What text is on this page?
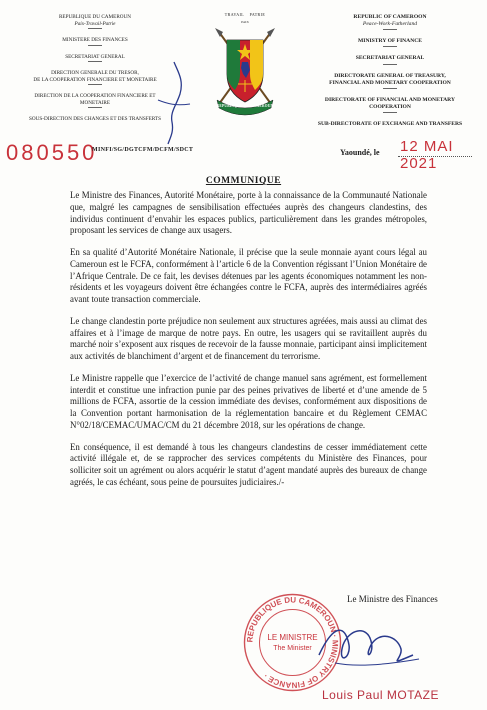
REPUBLIQUE DU CAMEROUN
Paix-Travail-Patrie
MINISTERE DES FINANCES
SECRETARIAT GENERAL
DIRECTION GENERALE DU TRESOR,
DE LA COOPERATION FINANCIERE ET MONETAIRE
DIRECTION DE LA COOPERATION FINANCIERE ET
MONETAIRE
SOUS-DIRECTION DES CHANGES ET DES TRANSFERTS
TRAVAIL PATRIE
PAIX
REPUBLIQUE DU CAMEROUN
REPUBLIC OF CAMEROON
Peace-Work-Fatherland
MINISTRY OF FINANCE
SECRETARIAT GENERAL
DIRECTORATE GENERAL OF TREASURY,
FINANCIAL AND MONETARY COOPERATION
DIRECTORATE OF FINANCIAL AND MONETARY
COOPERATION
SUB-DIRECTORATE OF EXCHANGE AND TRANSFERS
080550
MINFI/SG/DGTCFM/DCFM/SDCT	Yaoundé, le 12 MAI 2021
COMMUNIQUE

Le Ministre des Finances, Autorité Monétaire, porte à la connaissance de la Communauté Nationale que, malgré les campagnes de sensibilisation effectuées auprès des changeurs clandestins, des individus continuent d’envahir les espaces publics, particulièrement dans les grandes métropoles, proposant les services de change aux usagers.

En sa qualité d’Autorité Monétaire Nationale, il précise que la seule monnaie ayant cours légal au Cameroun est le FCFA, conformément à l’article 6 de la Convention régissant l’Union Monétaire de l’Afrique Centrale. De ce fait, les devises détenues par les agents économiques notamment les non-résidents et les voyageurs doivent être échangées contre le FCFA, auprès des intermédiaires agréés avant toute transaction commerciale.

Le change clandestin porte préjudice non seulement aux structures agréées, mais aussi au climat des affaires et à l’image de marque de notre pays. En outre, les usagers qui se ravitaillent auprès du marché noir s’exposent aux risques de recevoir de la fausse monnaie, participant ainsi implicitement aux activités de blanchiment d’argent et de financement du terrorisme.

Le Ministre rappelle que l’exercice de l’activité de change manuel sans agrément, est formellement interdit et constitue une infraction punie par des peines privatives de liberté et d’une amende de 5 millions de FCFA, assortie de la cession immédiate des devises, conformément aux dispositions de la Convention portant harmonisation de la réglementation bancaire et du Règlement CEMAC N°02/18/CEMAC/UMAC/CM du 21 décembre 2018, sur les opérations de change.

En conséquence, il est demandé à tous les changeurs clandestins de cesser immédiatement cette activité illégale et, de se rapprocher des services compétents du Ministère des Finances, pour solliciter soit un agrément ou alors acquérir le statut d’agent mandaté auprès des bureaux de change agréés, le cas échéant, sous peine de poursuites judiciaires./-

Le Ministre des Finances
REPUBLIQUE DU CAMEROUN · MINISTRY OF FINANCE ·
LE MINISTRE
The Minister
Louis Paul MOTAZE
